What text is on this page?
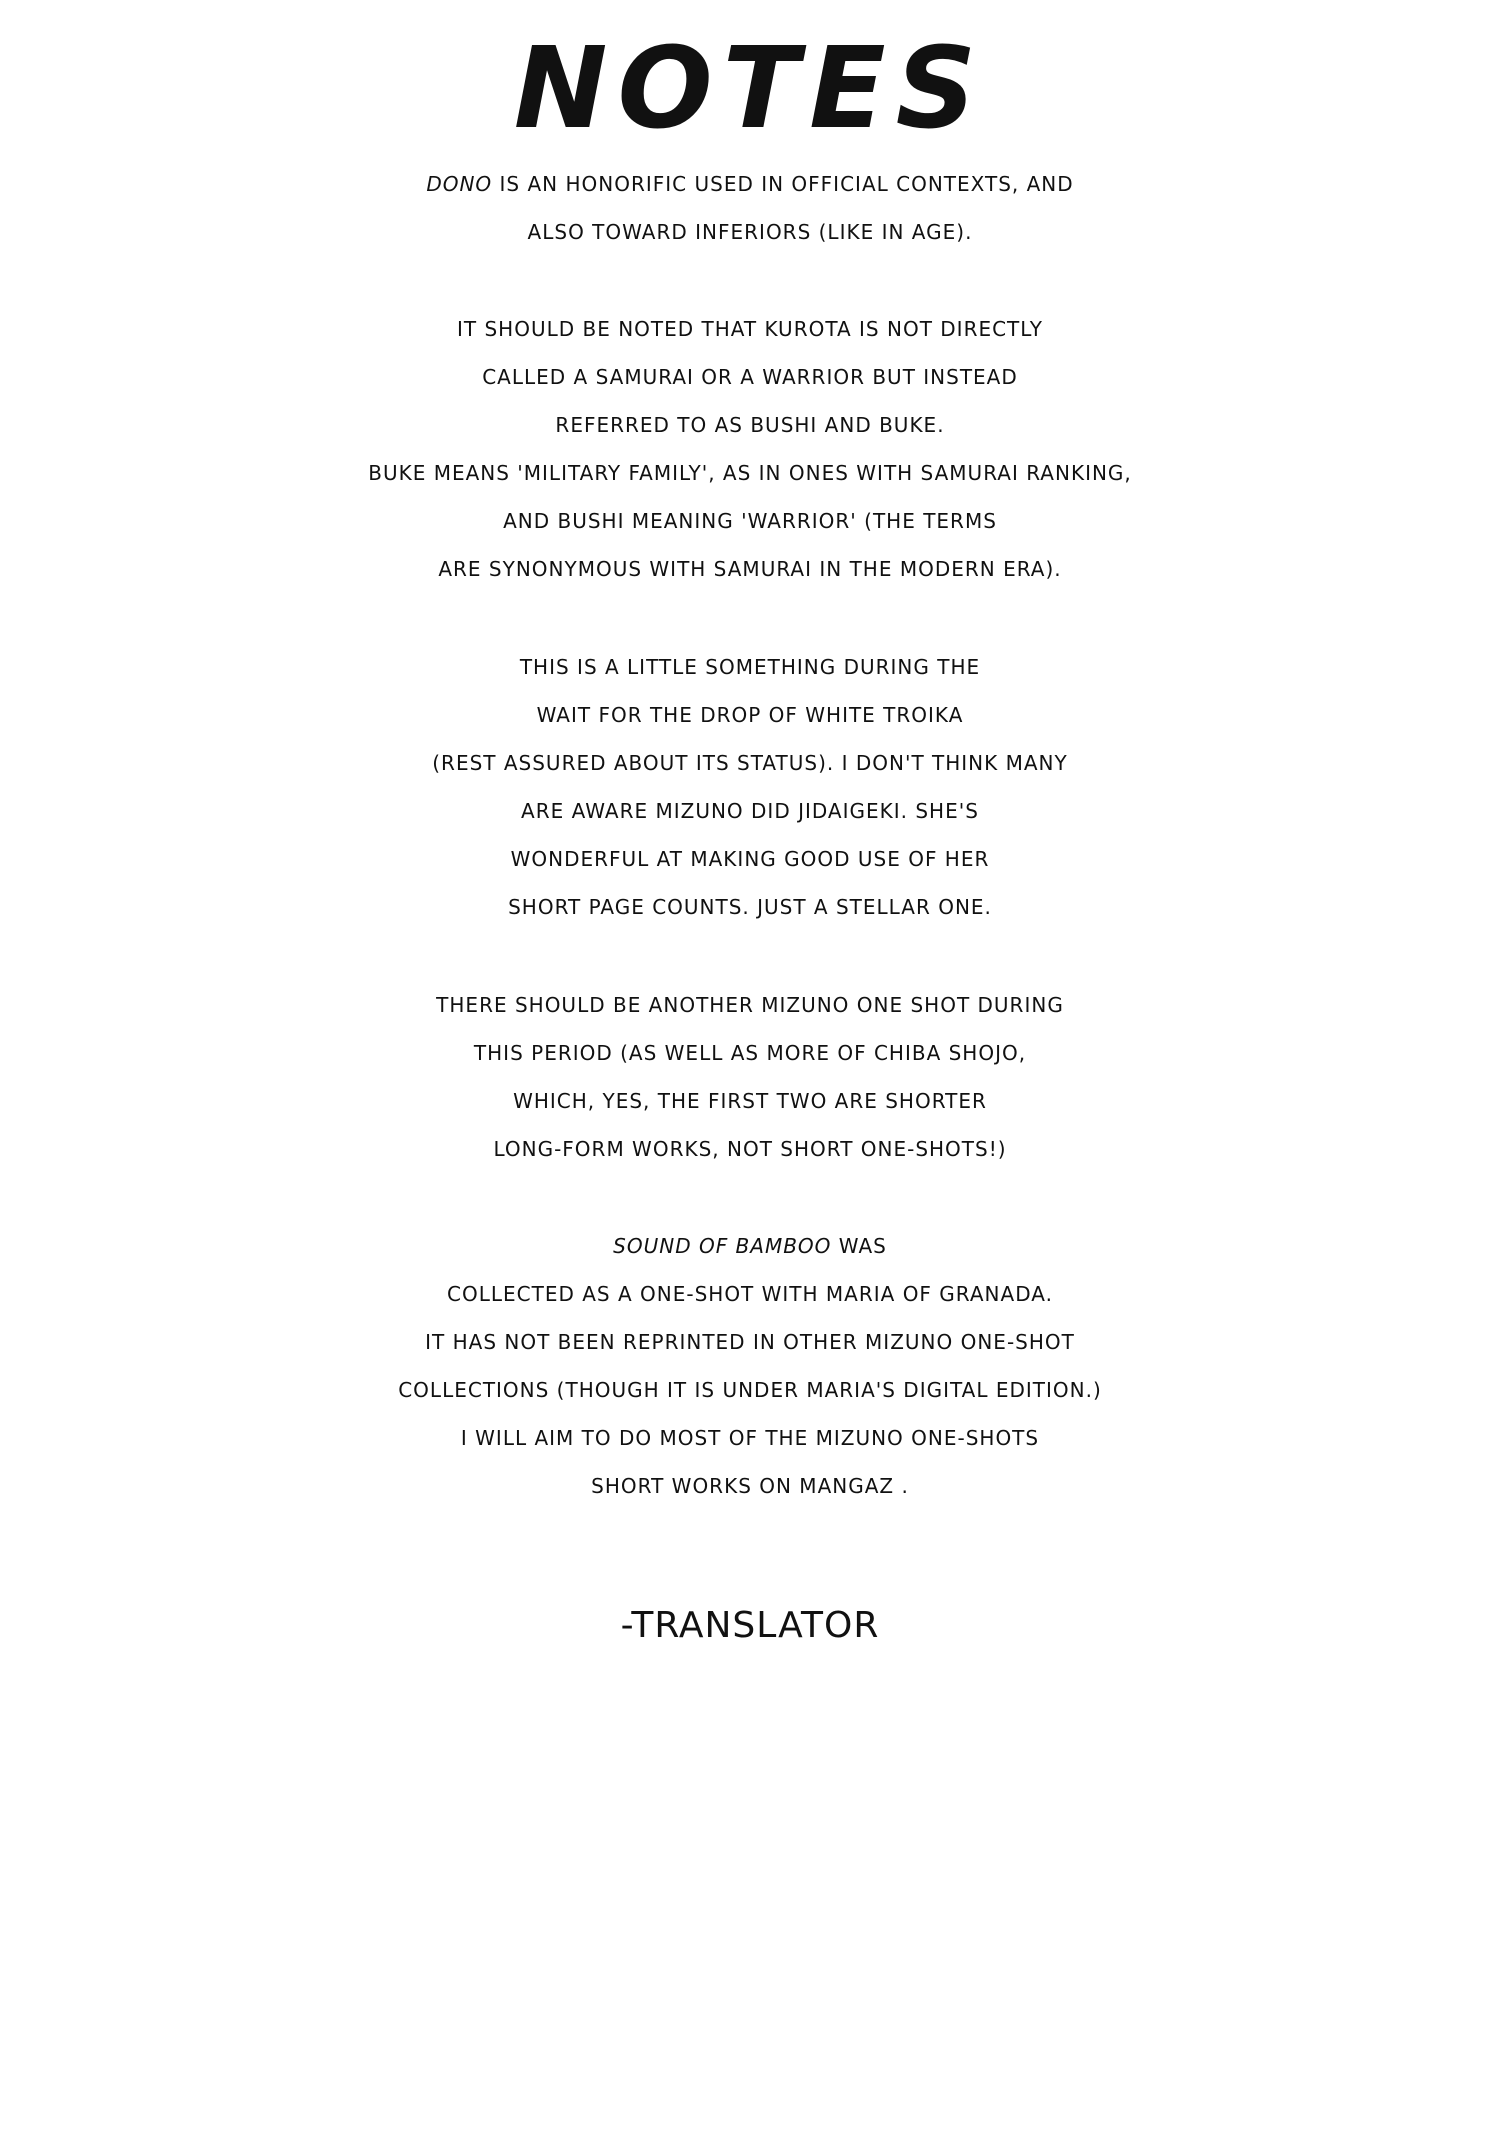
NOTES
DONO IS AN HONORIFIC USED IN OFFICIAL CONTEXTS, AND
ALSO TOWARD INFERIORS (LIKE IN AGE).
IT SHOULD BE NOTED THAT KUROTA IS NOT DIRECTLY
CALLED A SAMURAI OR A WARRIOR BUT INSTEAD
REFERRED TO AS BUSHI AND BUKE.
BUKE MEANS 'MILITARY FAMILY', AS IN ONES WITH SAMURAI RANKING,
AND BUSHI MEANING 'WARRIOR' (THE TERMS
ARE SYNONYMOUS WITH SAMURAI IN THE MODERN ERA).
THIS IS A LITTLE SOMETHING DURING THE
WAIT FOR THE DROP OF WHITE TROIKA
(REST ASSURED ABOUT ITS STATUS). I DON'T THINK MANY
ARE AWARE MIZUNO DID JIDAIGEKI. SHE'S
WONDERFUL AT MAKING GOOD USE OF HER
SHORT PAGE COUNTS. JUST A STELLAR ONE.
THERE SHOULD BE ANOTHER MIZUNO ONE SHOT DURING
THIS PERIOD (AS WELL AS MORE OF CHIBA SHOJO,
WHICH, YES, THE FIRST TWO ARE SHORTER
LONG-FORM WORKS, NOT SHORT ONE-SHOTS!)
SOUND OF BAMBOO WAS
COLLECTED AS A ONE-SHOT WITH MARIA OF GRANADA.
IT HAS NOT BEEN REPRINTED IN OTHER MIZUNO ONE-SHOT
COLLECTIONS (THOUGH IT IS UNDER MARIA'S DIGITAL EDITION.)
I WILL AIM TO DO MOST OF THE MIZUNO ONE-SHOTS
SHORT WORKS ON MANGAZ .
-TRANSLATOR
